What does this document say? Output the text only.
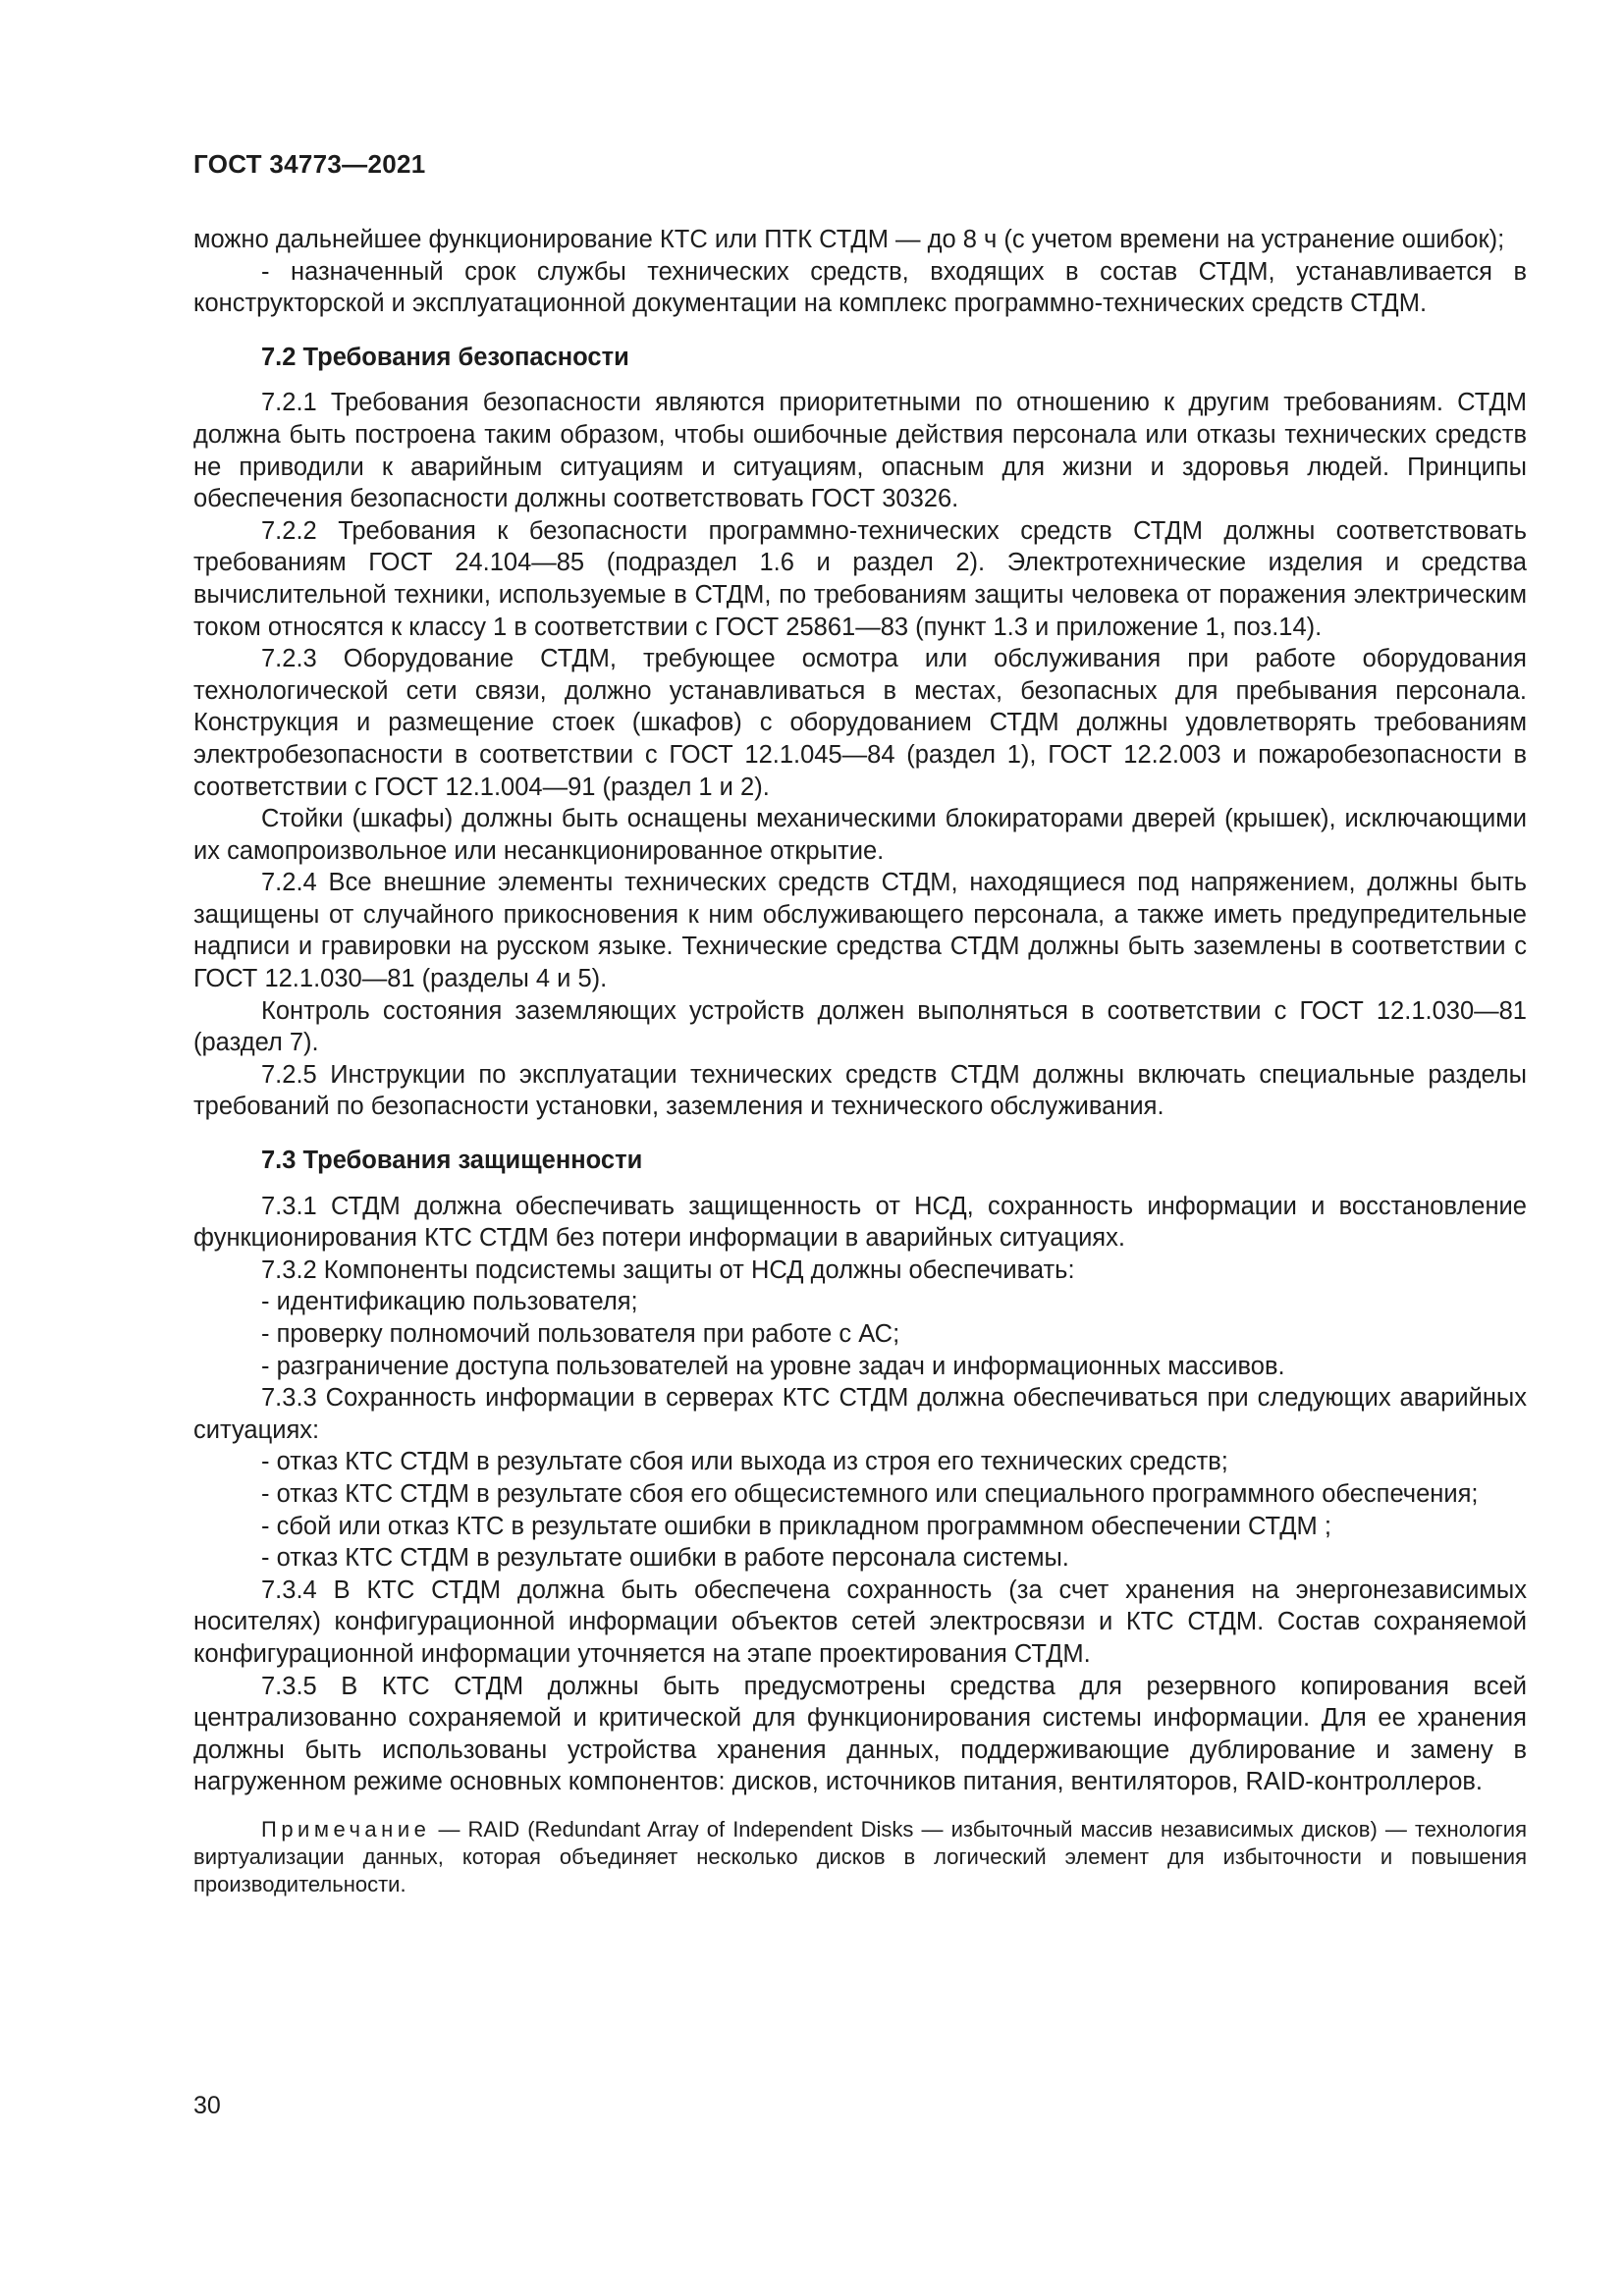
ГОСТ 34773—2021

можно дальнейшее функционирование КТС или ПТК СТДМ — до 8 ч (с учетом времени на устранение ошибок);

- назначенный срок службы технических средств, входящих в состав СТДМ, устанавливается в конструкторской и эксплуатационной документации на комплекс программно-технических средств СТДМ.

7.2 Требования безопасности

7.2.1 Требования безопасности являются приоритетными по отношению к другим требованиям. СТДМ должна быть построена таким образом, чтобы ошибочные действия персонала или отказы технических средств не приводили к аварийным ситуациям и ситуациям, опасным для жизни и здоровья людей. Принципы обеспечения безопасности должны соответствовать ГОСТ 30326.

7.2.2 Требования к безопасности программно-технических средств СТДМ должны соответствовать требованиям ГОСТ 24.104—85 (подраздел 1.6 и раздел 2). Электротехнические изделия и средства вычислительной техники, используемые в СТДМ, по требованиям защиты человека от поражения электрическим током относятся к классу 1 в соответствии с ГОСТ 25861—83 (пункт 1.3 и приложение 1, поз.14).

7.2.3 Оборудование СТДМ, требующее осмотра или обслуживания при работе оборудования технологической сети связи, должно устанавливаться в местах, безопасных для пребывания персонала. Конструкция и размещение стоек (шкафов) с оборудованием СТДМ должны удовлетворять требованиям электробезопасности в соответствии с ГОСТ 12.1.045—84 (раздел 1), ГОСТ 12.2.003 и пожаробезопасности в соответствии с ГОСТ 12.1.004—91 (раздел 1 и 2).

Стойки (шкафы) должны быть оснащены механическими блокираторами дверей (крышек), исключающими их самопроизвольное или несанкционированное открытие.

7.2.4 Все внешние элементы технических средств СТДМ, находящиеся под напряжением, должны быть защищены от случайного прикосновения к ним обслуживающего персонала, а также иметь предупредительные надписи и гравировки на русском языке. Технические средства СТДМ должны быть заземлены в соответствии с ГОСТ 12.1.030—81 (разделы 4 и 5).

Контроль состояния заземляющих устройств должен выполняться в соответствии с ГОСТ 12.1.030—81 (раздел 7).

7.2.5 Инструкции по эксплуатации технических средств СТДМ должны включать специальные разделы требований по безопасности установки, заземления и технического обслуживания.

7.3 Требования защищенности

7.3.1 СТДМ должна обеспечивать защищенность от НСД, сохранность информации и восстановление функционирования КТС СТДМ без потери информации в аварийных ситуациях.

7.3.2 Компоненты подсистемы защиты от НСД должны обеспечивать:

- идентификацию пользователя;

- проверку полномочий пользователя при работе с АС;

- разграничение доступа пользователей на уровне задач и информационных массивов.

7.3.3 Сохранность информации в серверах КТС СТДМ должна обеспечиваться при следующих аварийных ситуациях:

- отказ КТС СТДМ в результате сбоя или выхода из строя его технических средств;

- отказ КТС СТДМ в результате сбоя его общесистемного или специального программного обеспечения;

- сбой или отказ КТС в результате ошибки в прикладном программном обеспечении СТДМ ;

- отказ КТС СТДМ в результате ошибки в работе персонала системы.

7.3.4 В КТС СТДМ должна быть обеспечена сохранность (за счет хранения на энергонезависимых носителях) конфигурационной информации объектов сетей электросвязи и КТС СТДМ. Состав сохраняемой конфигурационной информации уточняется на этапе проектирования СТДМ.

7.3.5 В КТС СТДМ должны быть предусмотрены средства для резервного копирования всей централизованно сохраняемой и критической для функционирования системы информации. Для ее хранения должны быть использованы устройства хранения данных, поддерживающие дублирование и замену в нагруженном режиме основных компонентов: дисков, источников питания, вентиляторов, RAID-контроллеров.

Примечание — RAID (Redundant Array of Independent Disks — избыточный массив независимых дисков) — технология виртуализации данных, которая объединяет несколько дисков в логический элемент для избыточности и повышения производительности.
30
